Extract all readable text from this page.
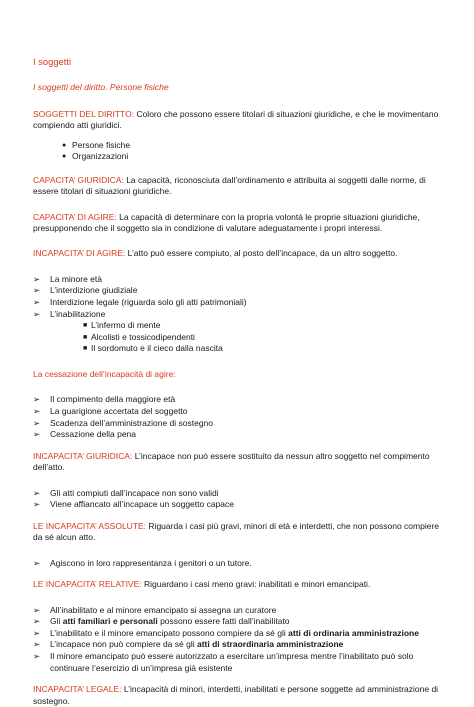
I soggetti

I soggetti del diritto. Persone fisiche

SOGGETTI DEL DIRITTO: Coloro che possono essere titolari di situazioni giuridiche, e che le movimentano compiendo atti giuridici.

● Persone fisiche
● Organizzazioni

CAPACITA’ GIURIDICA: La capacità, riconosciuta dall’ordinamento e attribuita ai soggetti dalle norme, di essere titolari di situazioni giuridiche.

CAPACITA’ DI AGIRE: La capacità di determinare con la propria volontà le proprie situazioni giuridiche, presupponendo che il soggetto sia in condizione di valutare adeguatamente i propri interessi.

INCAPACITA’ DI AGIRE: L’atto può essere compiuto, al posto dell’incapace, da un altro soggetto.

➢ La minore età
➢ L’interdizione giudiziale
➢ Interdizione legale (riguarda solo gli atti patrimoniali)
➢ L’inabilitazione
■ L’infermo di mente
■ Alcolisti e tossicodipendenti
■ Il sordomuto e il cieco dalla nascita

La cessazione dell’incapacità di agire:

➢ Il compimento della maggiore età
➢ La guarigione accertata del soggetto
➢ Scadenza dell’amministrazione di sostegno
➢ Cessazione della pena

INCAPACITA’ GIURIDICA: L’incapace non può essere sostituito da nessun altro soggetto nel compimento dell’atto.

➢ Gli atti compiuti dall’incapace non sono validi
➢ Viene affiancato all’incapace un soggetto capace

LE INCAPACITA’ ASSOLUTE: Riguarda i casi più gravi, minori di età e interdetti, che non possono compiere da sé alcun atto.

➢ Agiscono in loro rappresentanza i genitori o un tutore.

LE INCAPACITA’ RELATIVE: Riguardano i casi meno gravi: inabilitati e minori emancipati.

➢ All’inabilitato e al minore emancipato si assegna un curatore
➢ Gli atti familiari e personali possono essere fatti dall’inabilitato
➢ L’inabilitato e il minore emancipato possono compiere da sé gli atti di ordinaria amministrazione
➢ L’incapace non può compiere da sé gli atti di straordinaria amministrazione
➢ Il minore emancipato può essere autorizzato a esercitare un’impresa mentre l’inabilitato può solo continuare l’esercizio di un’impresa già esistente

INCAPACITA’ LEGALE: L’incapacità di minori, interdetti, inabilitati e persone soggette ad amministrazione di sostegno.
